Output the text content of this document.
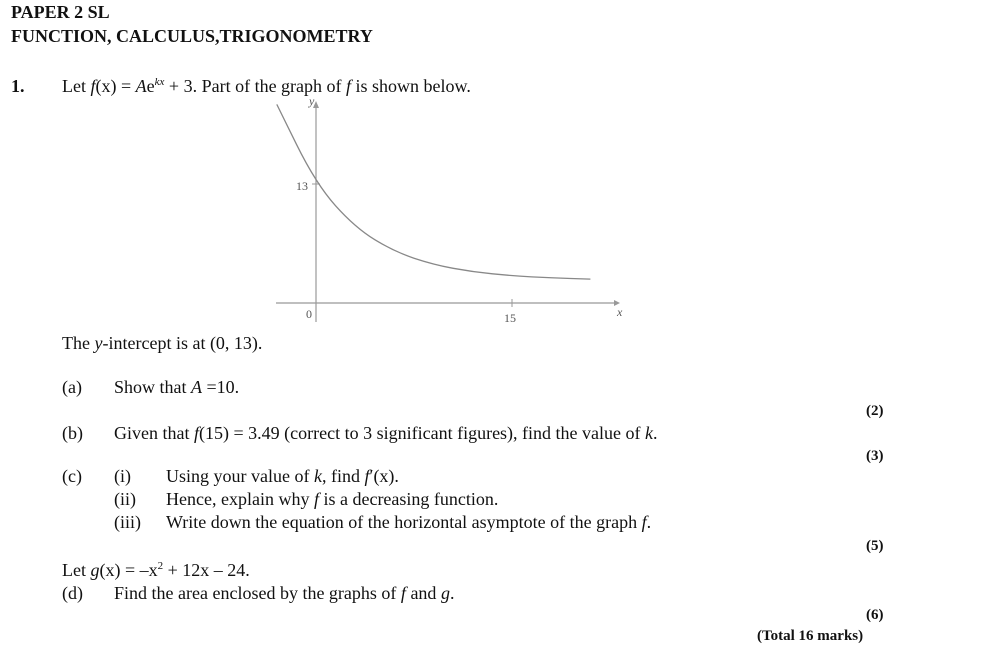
PAPER 2 SL
FUNCTION, CALCULUS,TRIGONOMETRY
1. Let $f(x) = Ae^{kx} + 3$. Part of the graph of f is shown below.
y
x
0	15
13
The y-intercept is at (0, 13).
(a) Show that A =10.
(2)
(b) Given that f(15) = 3.49 (correct to 3 significant figures), find the value of k.
(3)
(c) (i) Using your value of k, find f′(x).
(ii) Hence, explain why f is a decreasing function.
(iii) Write down the equation of the horizontal asymptote of the graph f.
(5)
Let $g(x) = -x^2 + 12x - 24$.
(d) Find the area enclosed by the graphs of f and g.
(6)
(Total 16 marks)
